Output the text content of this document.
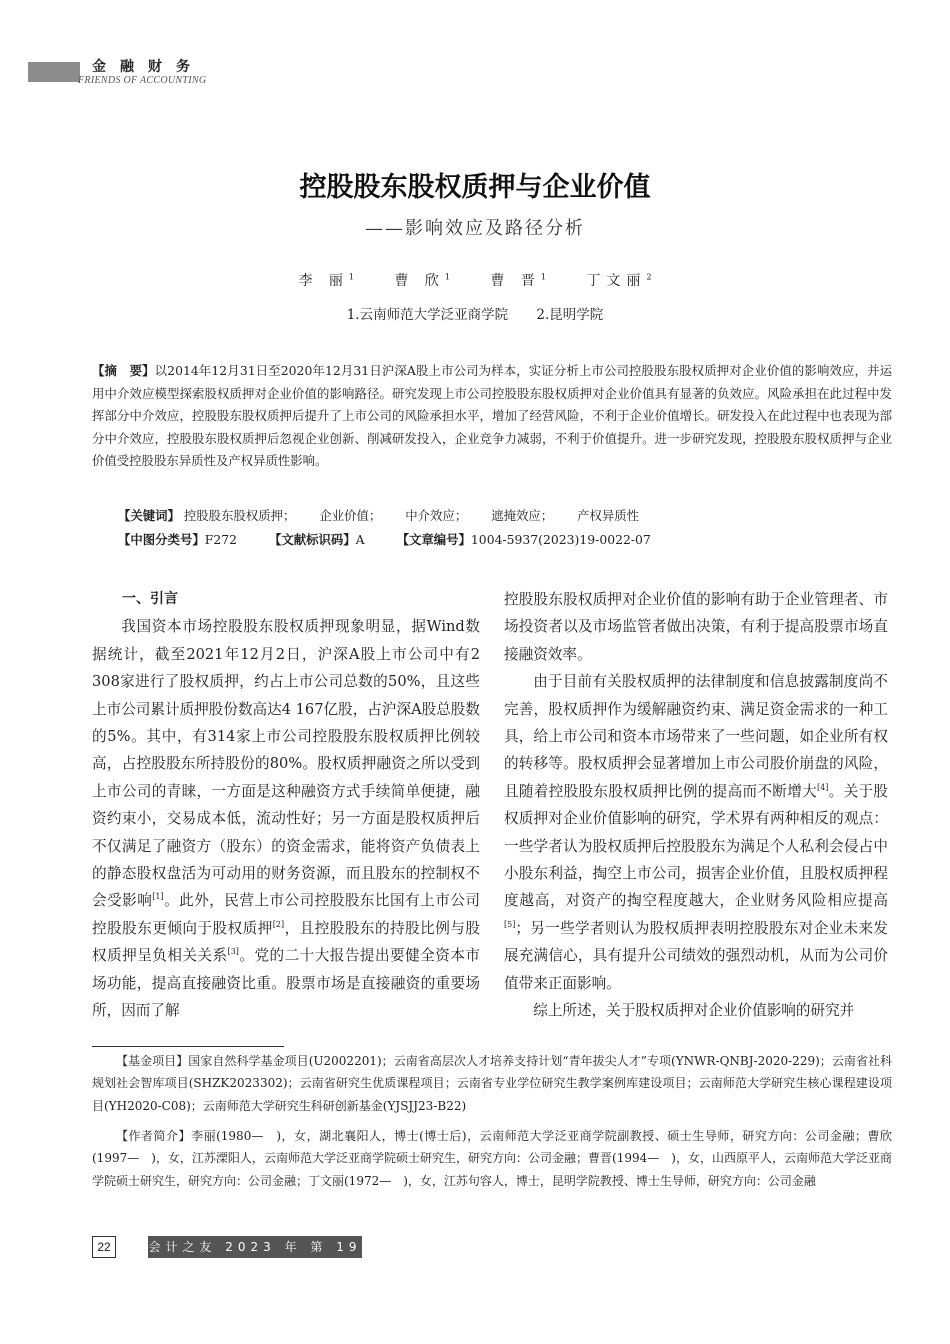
金融财务
FRIENDS OF ACCOUNTING
控股股东股权质押与企业价值
——影响效应及路径分析
李 丽$^1$	曹 欣$^1$	曹 晋$^1$	丁文丽$^2$
1.云南师范大学泛亚商学院 2.昆明学院
【摘　要】以2014年12月31日至2020年12月31日沪深A股上市公司为样本，实证分析上市公司控股股东股权质押对企业价值的影响效应，并运用中介效应模型探索股权质押对企业价值的影响路径。研究发现上市公司控股股东股权质押对企业价值具有显著的负效应。风险承担在此过程中发挥部分中介效应，控股股东股权质押后提升了上市公司的风险承担水平，增加了经营风险，不利于企业价值增长。研发投入在此过程中也表现为部分中介效应，控股股东股权质押后忽视企业创新、削减研发投入，企业竞争力减弱，不利于价值提升。进一步研究发现，控股股东股权质押与企业价值受控股股东异质性及产权异质性影响。
【关键词】 控股股东股权质押； 企业价值； 中介效应； 遮掩效应； 产权异质性
【中图分类号】F272	【文献标识码】A	【文章编号】1004-5937(2023)19-0022-07

一、引言

我国资本市场控股股东股权质押现象明显，据Wind数据统计，截至2021年12月2日，沪深A股上市公司中有2 308家进行了股权质押，约占上市公司总数的50%，且这些上市公司累计质押股份数高达4 167亿股，占沪深A股总股数的5%。其中，有314家上市公司控股股东股权质押比例较高，占控股股东所持股份的80%。股权质押融资之所以受到上市公司的青睐，一方面是这种融资方式手续简单便捷，融资约束小，交易成本低，流动性好；另一方面是股权质押后不仅满足了融资方（股东）的资金需求，能将资产负债表上的静态股权盘活为可动用的财务资源，而且股东的控制权不会受影响[1]。此外，民营上市公司控股股东比国有上市公司控股股东更倾向于股权质押[2]，且控股股东的持股比例与股权质押呈负相关关系[3]。党的二十大报告提出要健全资本市场功能，提高直接融资比重。股票市场是直接融资的重要场所，因而了解

控股股东股权质押对企业价值的影响有助于企业管理者、市场投资者以及市场监管者做出决策，有利于提高股票市场直接融资效率。

由于目前有关股权质押的法律制度和信息披露制度尚不完善，股权质押作为缓解融资约束、满足资金需求的一种工具，给上市公司和资本市场带来了一些问题，如企业所有权的转移等。股权质押会显著增加上市公司股价崩盘的风险，且随着控股股东股权质押比例的提高而不断增大[4]。关于股权质押对企业价值影响的研究，学术界有两种相反的观点：一些学者认为股权质押后控股股东为满足个人私利会侵占中小股东利益，掏空上市公司，损害企业价值，且股权质押程度越高，对资产的掏空程度越大，企业财务风险相应提高[5]；另一些学者则认为股权质押表明控股股东对企业未来发展充满信心，具有提升公司绩效的强烈动机，从而为公司价值带来正面影响。

综上所述，关于股权质押对企业价值影响的研究并

【基金项目】国家自然科学基金项目(U2002201)；云南省高层次人才培养支持计划“青年拔尖人才”专项(YNWR-QNBJ-2020-229)；云南省社科规划社会智库项目(SHZK2023302)；云南省研究生优质课程项目；云南省专业学位研究生教学案例库建设项目；云南师范大学研究生核心课程建设项目(YH2020-C08)；云南师范大学研究生科研创新基金(YJSJJ23-B22)
【作者简介】李丽(1980—　)，女，湖北襄阳人，博士(博士后)，云南师范大学泛亚商学院副教授、硕士生导师，研究方向：公司金融；曹欣(1997—　)，女，江苏溧阳人，云南师范大学泛亚商学院硕士研究生，研究方向：公司金融；曹晋(1994—　)，女，山西原平人，云南师范大学泛亚商学院硕士研究生，研究方向：公司金融；丁文丽(1972—　)，女，江苏句容人，博士，昆明学院教授、博士生导师，研究方向：公司金融
22	会计之友 2023 年 第 19 期
